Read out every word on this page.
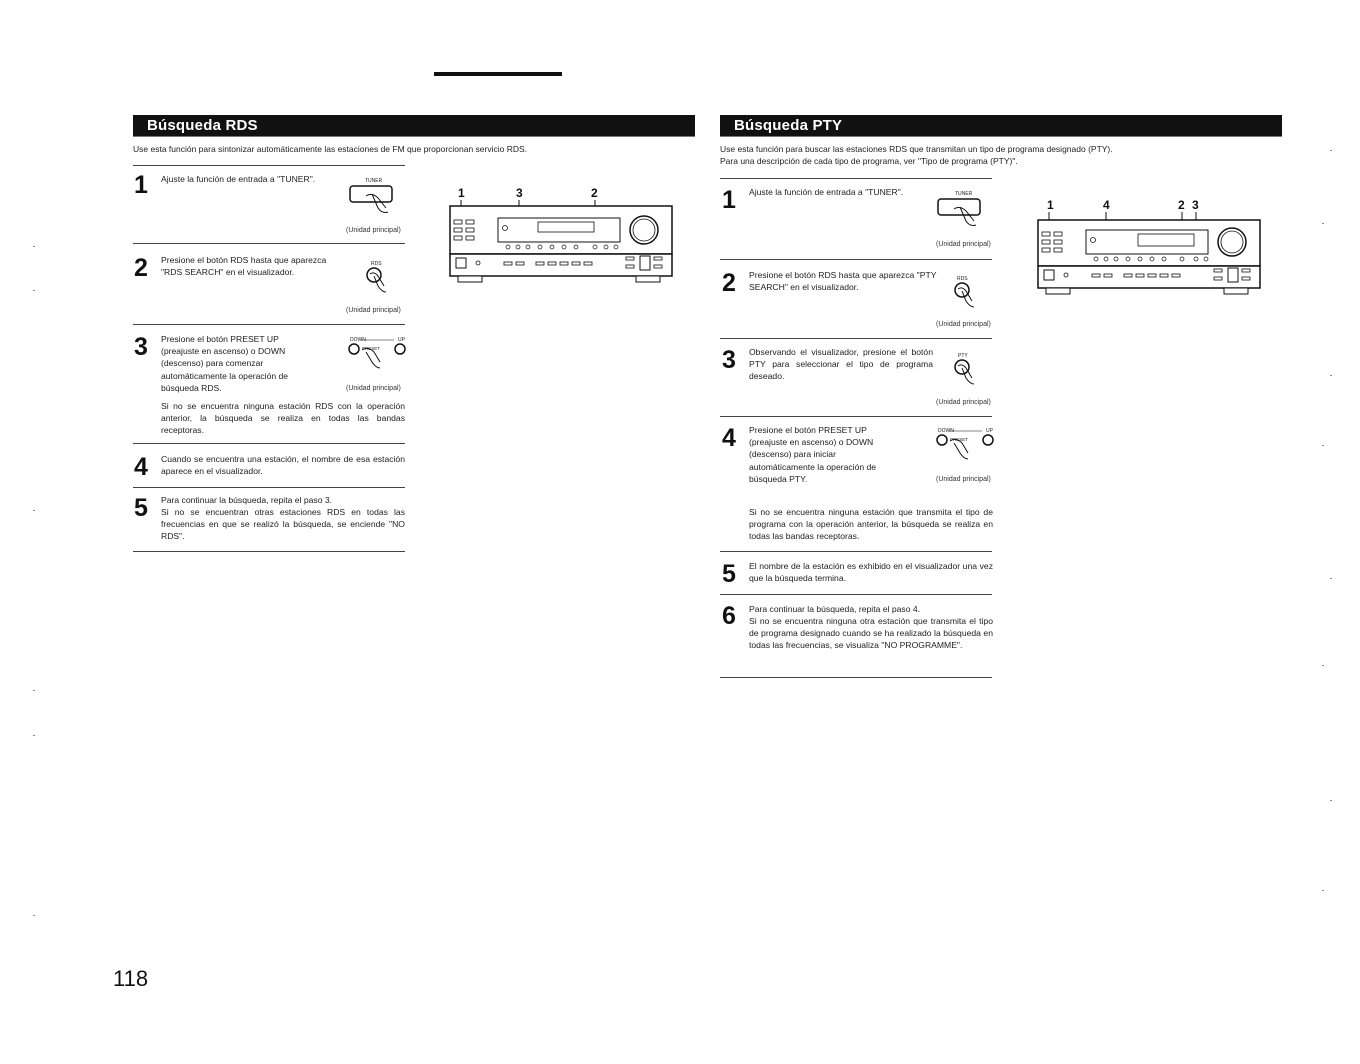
Búsqueda RDS
Use esta función para sintonizar automáticamente las estaciones de FM que proporcionan servicio RDS.
1 Ajuste la función de entrada a "TUNER".	TUNER
(Unidad principal)
2 Presione el botón RDS hasta que aparezca "RDS SEARCH" en el visualizador.
RDS
(Unidad principal)
3 Presione el botón PRESET UP (preajuste en ascenso) o DOWN (descenso) para comenzar automáticamente la operación de búsqueda RDS.
DOWN	UP
PRESET
(Unidad principal)
Si no se encuentra ninguna estación RDS con la operación anterior, la búsqueda se realiza en todas las bandas receptoras.
4 Cuando se encuentra una estación, el nombre de esa estación aparece en el visualizador.
5 Para continuar la búsqueda, repita el paso 3.
Si no se encuentran otras estaciones RDS en todas las frecuencias en que se realizó la búsqueda, se enciende "NO RDS".
1	3	2
Búsqueda PTY
Use esta función para buscar las estaciones RDS que transmitan un tipo de programa designado (PTY).
Para una descripción de cada tipo de programa, ver "Tipo de programa (PTY)".
1 Ajuste la función de entrada a "TUNER".	TUNER
(Unidad principal)
2 Presione el botón RDS hasta que aparezca "PTY SEARCH" en el visualizador.
RDS
(Unidad principal)
3 Observando el visualizador, presione el botón PTY para seleccionar el tipo de programa deseado.
PTY
(Unidad principal)
4 Presione el botón PRESET UP (preajuste en ascenso) o DOWN (descenso) para iniciar automáticamente la operación de búsqueda PTY.
DOWN	UP
PRESET
(Unidad principal)
Si no se encuentra ninguna estación que transmita el tipo de programa con la operación anterior, la búsqueda se realiza en todas las bandas receptoras.
5 El nombre de la estación es exhibido en el visualizador una vez que la búsqueda termina.
6 Para continuar la búsqueda, repita el paso 4.
Si no se encuentra ninguna otra estación que transmita el tipo de programa designado cuando se ha realizado la búsqueda en todas las frecuencias, se visualiza "NO PROGRAMME".
1	4	2 3
118
